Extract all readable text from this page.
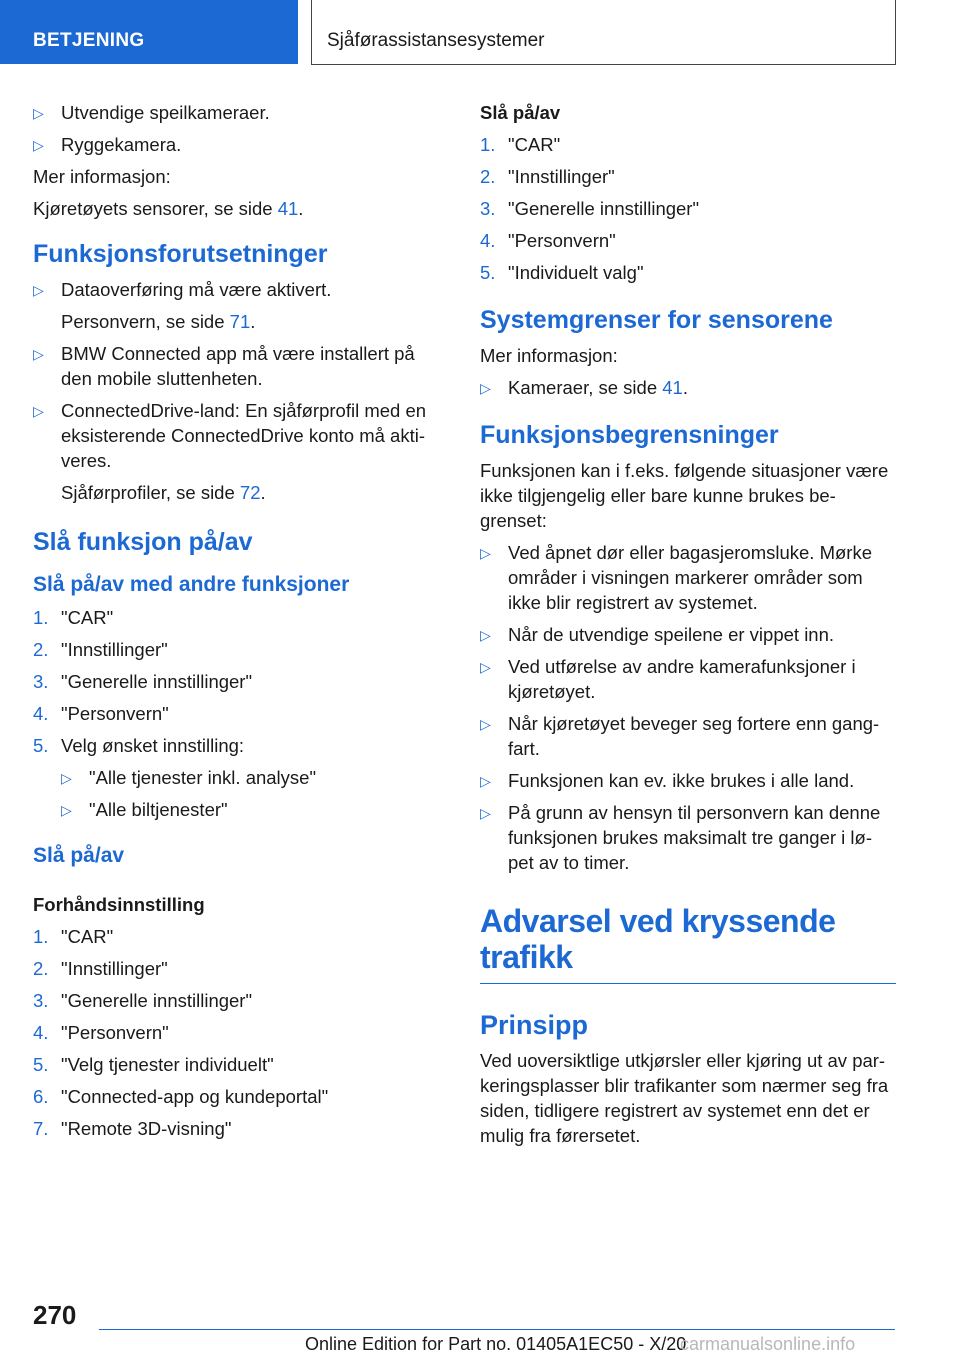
BETJENING	Sjåførassistansesystemer
▷ Utvendige speilkameraer.
▷ Ryggekamera.

Mer informasjon:

Kjøretøyets sensorer, se side 41.

Funksjonsforutsetninger
▷ Dataoverføring må være aktivert.
Personvern, se side 71.
▷ BMW Connected app må være installert på den mobile sluttenheten.
▷ ConnectedDrive-land: En sjåførprofil med en eksisterende ConnectedDrive konto må akti-veres.
Sjåførprofiler, se side 72.
Slå funksjon på/av
Slå på/av med andre funksjoner
1. "CAR"
2. "Innstillinger"
3. "Generelle innstillinger"
4. "Personvern"
5. Velg ønsket innstilling:
▷ "Alle tjenester inkl. analyse"
▷ "Alle biltjenester"
Slå på/av
Forhåndsinnstilling
1. "CAR"
2. "Innstillinger"
3. "Generelle innstillinger"
4. "Personvern"
5. "Velg tjenester individuelt"
6. "Connected-app og kundeportal"
7. "Remote 3D-visning"
Slå på/av
1. "CAR"
2. "Innstillinger"
3. "Generelle innstillinger"
4. "Personvern"
5. "Individuelt valg"
Systemgrenser for sensorene

Mer informasjon:

▷ Kameraer, se side 41.
Funksjonsbegrensninger

Funksjonen kan i f.eks. følgende situasjoner være ikke tilgjengelig eller bare kunne brukes be-grenset:

▷ Ved åpnet dør eller bagasjeromsluke. Mørke områder i visningen markerer områder som ikke blir registrert av systemet.
▷ Når de utvendige speilene er vippet inn.
▷ Ved utførelse av andre kamerafunksjoner i kjøretøyet.
▷ Når kjøretøyet beveger seg fortere enn gang-fart.
▷ Funksjonen kan ev. ikke brukes i alle land.
▷ På grunn av hensyn til personvern kan denne funksjonen brukes maksimalt tre ganger i lø-pet av to timer.
Advarsel ved kryssende trafikk
Prinsipp

Ved uoversiktlige utkjørsler eller kjøring ut av par-keringsplasser blir trafikanter som nærmer seg fra siden, tidligere registrert av systemet enn det er mulig fra førersetet.

270
Online Edition for Part no. 01405A1EC50 - X/20
carmanualsonline.info
